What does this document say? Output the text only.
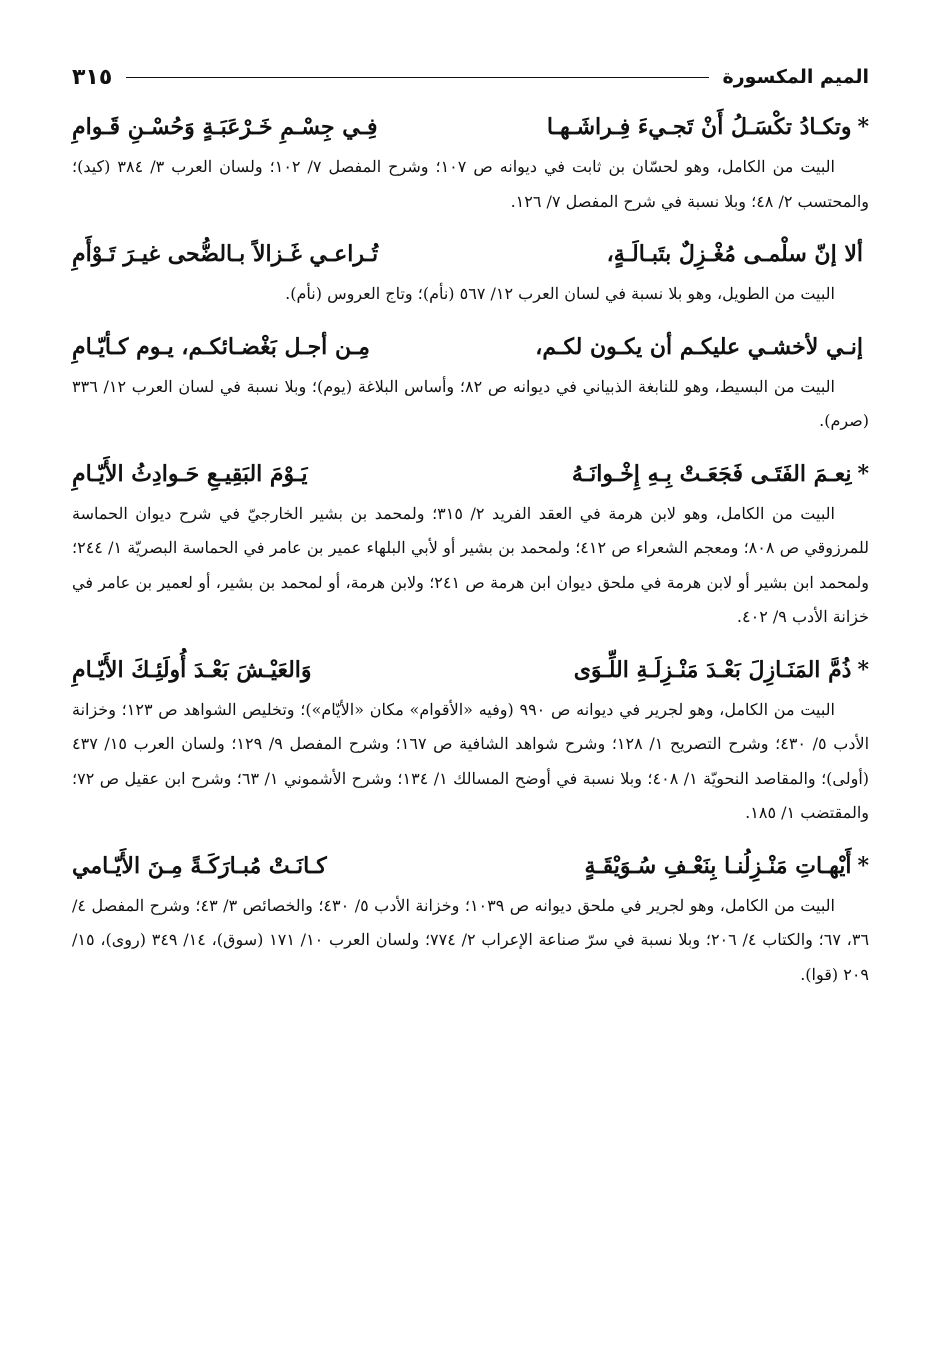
الميم المكسورة
٣١٥
*
وتكـادُ تكْسَـلُ أَنْ تَجـيءَ فِـراشَـهـا
فِـي جِسْـمِ خَـرْعَبَـةٍ وَحُسْـنِ قَـوامِ

البيت من الكامل، وهو لحسّان بن ثابت في ديوانه ص ١٠٧؛ وشرح المفصل ٧/ ١٠٢؛ ولسان العرب ٣/ ٣٨٤ (كيد)؛ والمحتسب ٢/ ٤٨؛ وبلا نسبة في شرح المفصل ٧/ ١٢٦.

ألا إنّ سلْمـى مُغْـزِلٌ بتَبـالَـةٍ،
تُـراعـي غَـزالاً بـالضُّحى غيـرَ تَـوْأَمِ

البيت من الطويل، وهو بلا نسبة في لسان العرب ١٢/ ٥٦٧ (نأم)؛ وتاج العروس (نأم).

إنـي لأخشـي عليكـم أن يكـون لكـم،
مِـن أجـل بَغْضـائكـم، يـوم كـأيّـامِ

البيت من البسيط، وهو للنابغة الذبياني في ديوانه ص ٨٢؛ وأساس البلاغة (يوم)؛ وبلا نسبة في لسان العرب ١٢/ ٣٣٦ (صرم).

*
نِعـمَ الفَتَـى فَجَعَـتْ بِـهِ إِخْـوانَـهُ
يَـوْمَ البَقِيـعِ حَـوادِثُ الأَيّـامِ

البيت من الكامل، وهو لابن هرمة في العقد الفريد ٢/ ٣١٥؛ ولمحمد بن بشير الخارجيّ في شرح ديوان الحماسة للمرزوقي ص ٨٠٨؛ ومعجم الشعراء ص ٤١٢؛ ولمحمد بن بشير أو لأبي البلهاء عمير بن عامر في الحماسة البصريّة ١/ ٢٤٤؛ ولمحمد ابن بشير أو لابن هرمة في ملحق ديوان ابن هرمة ص ٢٤١؛ ولابن هرمة، أو لمحمد بن بشير، أو لعمير بن عامر في خزانة الأدب ٩/ ٤٠٢.

*
ذُمَّ المَنَـازِلَ بَعْـدَ مَنْـزِلَـةِ اللِّـوَى
وَالعَيْـشَ بَعْـدَ أُولَئِـكَ الأَيّـامِ

البيت من الكامل، وهو لجرير في ديوانه ص ٩٩٠ (وفيه «الأقوام» مكان «الأيّام»)؛ وتخليص الشواهد ص ١٢٣؛ وخزانة الأدب ٥/ ٤٣٠؛ وشرح التصريح ١/ ١٢٨؛ وشرح شواهد الشافية ص ١٦٧؛ وشرح المفصل ٩/ ١٢٩؛ ولسان العرب ١٥/ ٤٣٧ (أولى)؛ والمقاصد النحويّة ١/ ٤٠٨؛ وبلا نسبة في أوضح المسالك ١/ ١٣٤؛ وشرح الأشموني ١/ ٦٣؛ وشرح ابن عقيل ص ٧٢؛ والمقتضب ١/ ١٨٥.

*
أَيْهـاتِ مَنْـزِلُنـا بِنَعْـفِ سُـوَيْقَـةٍ
كـانَـتْ مُبـارَكَـةً مِـنَ الأَيّـامي

البيت من الكامل، وهو لجرير في ملحق ديوانه ص ١٠٣٩؛ وخزانة الأدب ٥/ ٤٣٠؛ والخصائص ٣/ ٤٣؛ وشرح المفصل ٤/ ٣٦، ٦٧؛ والكتاب ٤/ ٢٠٦؛ وبلا نسبة في سرّ صناعة الإعراب ٢/ ٧٧٤؛ ولسان العرب ١٠/ ١٧١ (سوق)، ١٤/ ٣٤٩ (روى)، ١٥/ ٢٠٩ (قوا).
